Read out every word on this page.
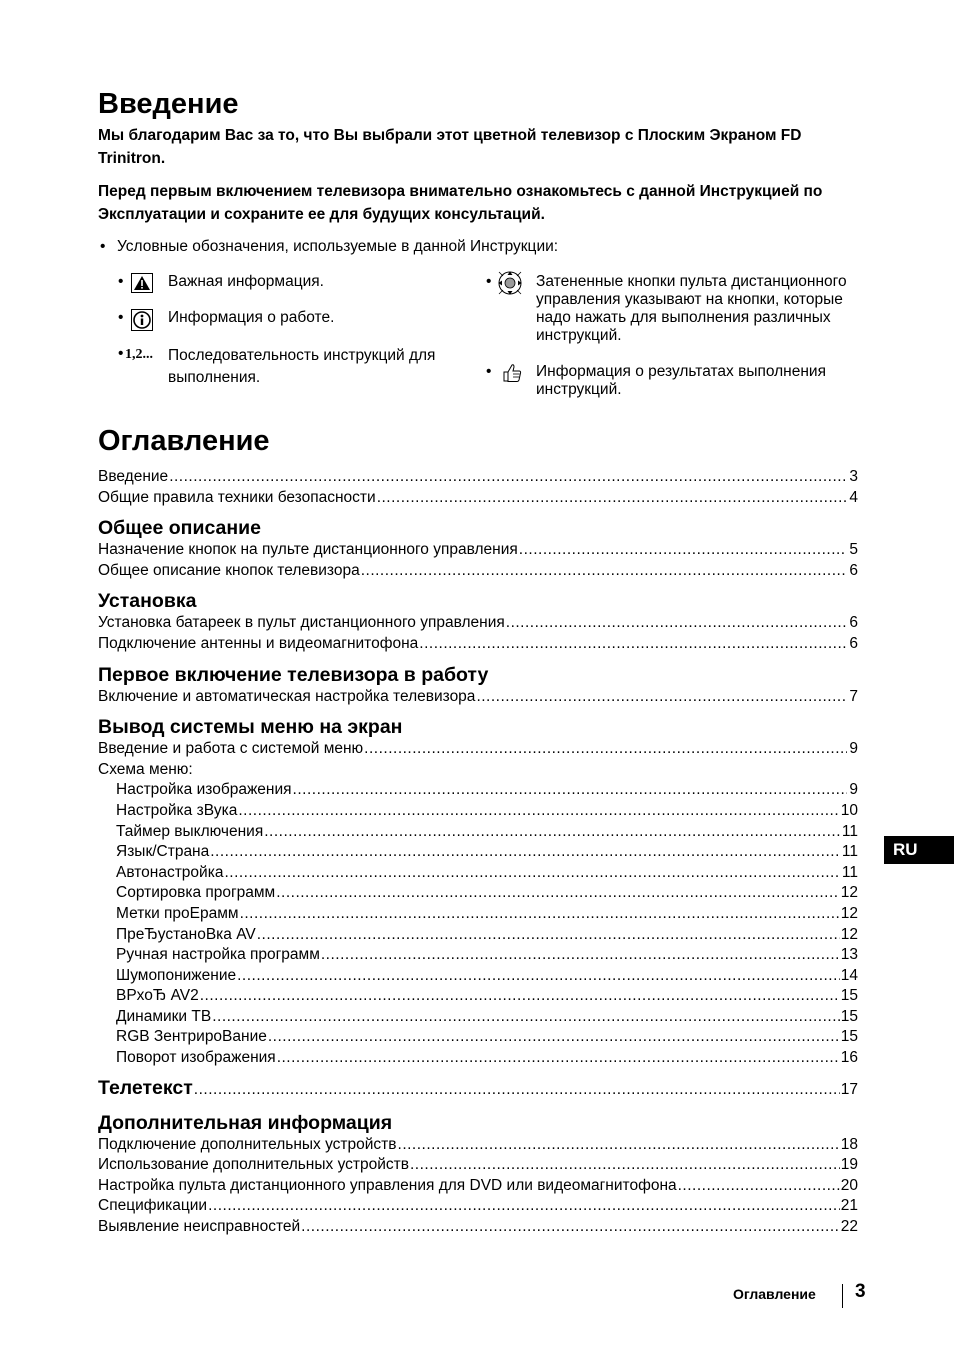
Введение

Мы благодарим Вас за то, что Вы выбрали этот цветной телевизор с Плоским Экраном FD Trinitron.

Перед первым включением телевизора внимательно ознакомьтесь с данной Инструкцией по Эксплуатации и сохраните ее для будущих консультаций.

• Условные обозначения, используемые в данной Инструкции:
•	Важная информация.
•	Информация о работе.
• 1,2... Последовательность инструкций для выполнения.
•	Затененные кнопки пульта дистанционного управления указывают на кнопки, которые надо нажать для выполнения различных инструкций.
•	Информация о результатах выполнения инструкций.
Оглавление
Введение .....	3
Общие правила техники безопасности .....	4
Общее описание
Назначение кнопок на пульте дистанционного управления .....	5
Общее описание кнопок телевизора .....	6
Установка
Установка батареек в пульт дистанционного управления .....	6
Подключение антенны и видеомагнитофона .....	6
Первое включение телевизора в работу
Включение и автоматическая настройка телевизора .....	7
Вывод системы меню на экран
Введение и работа с системой меню .....	9
Схема меню:
Настройка изображения .....	9
Настройка зВука .....	10
Таймер выключения .....	11
Язык/Страна .....	11
Автонастройка .....	11
Сортировка программ .....	12
Метки проЕрамм .....	12
ПреЂустаноВка AV .....	12
Ручная настройка программ .....	13
Шумопонижение .....	14
ВРхоЂ AV2 .....	15
Динамики ТВ .....	15
RGB ЗентрироВание .....	15
Поворот изображения .....	16
Телетекст .....	17
Дополнительная информация
Подключение дополнительных устройств .....	18
Использование дополнительных устройств .....	19
Настройка пульта дистанционного управления для DVD или видеомагнитофона .....	20
Спецификации .....	21
Выявление неисправностей .....	22
RU
Оглавление 3
